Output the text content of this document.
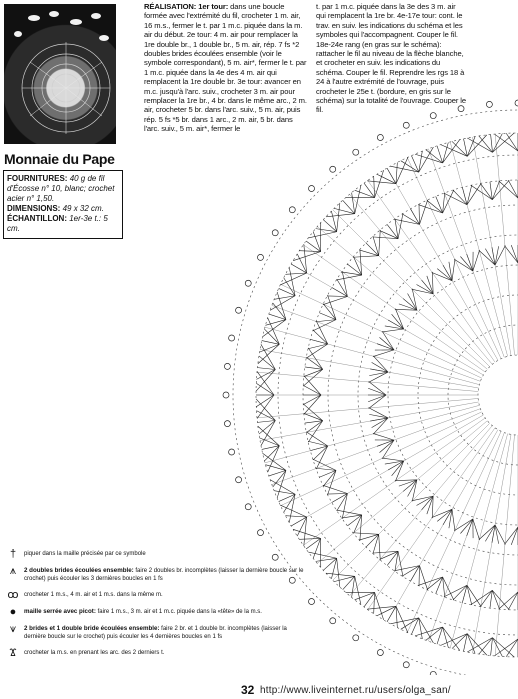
Monnaie du Pape
FOURNITURES: 40 g de fil d'Écosse n° 10, blanc; crochet acier n° 1,50.
DIMENSIONS: 49 x 32 cm.
ÉCHANTILLON: 1er-3e t.: 5 cm.
RÉALISATION: 1er tour: dans une boucle formée avec l'extrémité du fil, crocheter 1 m. air, 16 m.s., fermer le t. par 1 m.c. piquée dans la m. air du début. 2e tour: 4 m. air pour remplacer la 1re double br., 1 double br., 5 m. air, rép. 7 fs *2 doubles brides écoulées ensemble (voir le symbole correspondant), 5 m. air*, fermer le t. par 1 m.c. piquée dans la 4e des 4 m. air qui remplacent la 1re double br. 3e tour: avancer en m.c. jusqu'à l'arc. suiv., crocheter 3 m. air pour remplacer la 1re br., 4 br. dans le même arc., 2 m. air, crocheter 5 br. dans l'arc. suiv., 5 m. air, puis rép. 5 fs *5 br. dans 1 arc., 2 m. air, 5 br. dans l'arc. suiv., 5 m. air*, fermer le
t. par 1 m.c. piquée dans la 3e des 3 m. air qui remplacent la 1re br. 4e-17e tour: cont. le trav. en suiv. les indications du schéma et les symboles qui l'accompagnent. Couper le fil. 18e-24e rang (en gras sur le schéma): rattacher le fil au niveau de la flèche blanche, et crocheter en suiv. les indications du schéma. Couper le fil. Reprendre les rgs 18 à 24 à l'autre extrémité de l'ouvrage, puis crocheter le 25e t. (bordure, en gris sur le schéma) sur la totalité de l'ouvrage. Couper le fil.
†	piquer dans la maille précisée par ce symbole
⩚	2 doubles brides écoulées ensemble: faire 2 doubles br. incomplètes (laisser la dernière boucle sur le crochet) puis écouler les 3 dernières boucles en 1 fs
ꝏ crocheter 1 m.s., 4 m. air et 1 m.s. dans la même m.
●	maille serrée avec picot: faire 1 m.s., 3 m. air et 1 m.c. piquée dans la «tête» de la m.s.
⩛	2 brides et 1 double bride écoulées ensemble: faire 2 br. et 1 double br. incomplètes (laisser la dernière boucle sur le crochet) puis écouler les 4 dernières boucles en 1 fs
Ϫ	crocheter la m.s. en prenant les arc. des 2 derniers t.
32 http://www.liveinternet.ru/users/olga_san/
